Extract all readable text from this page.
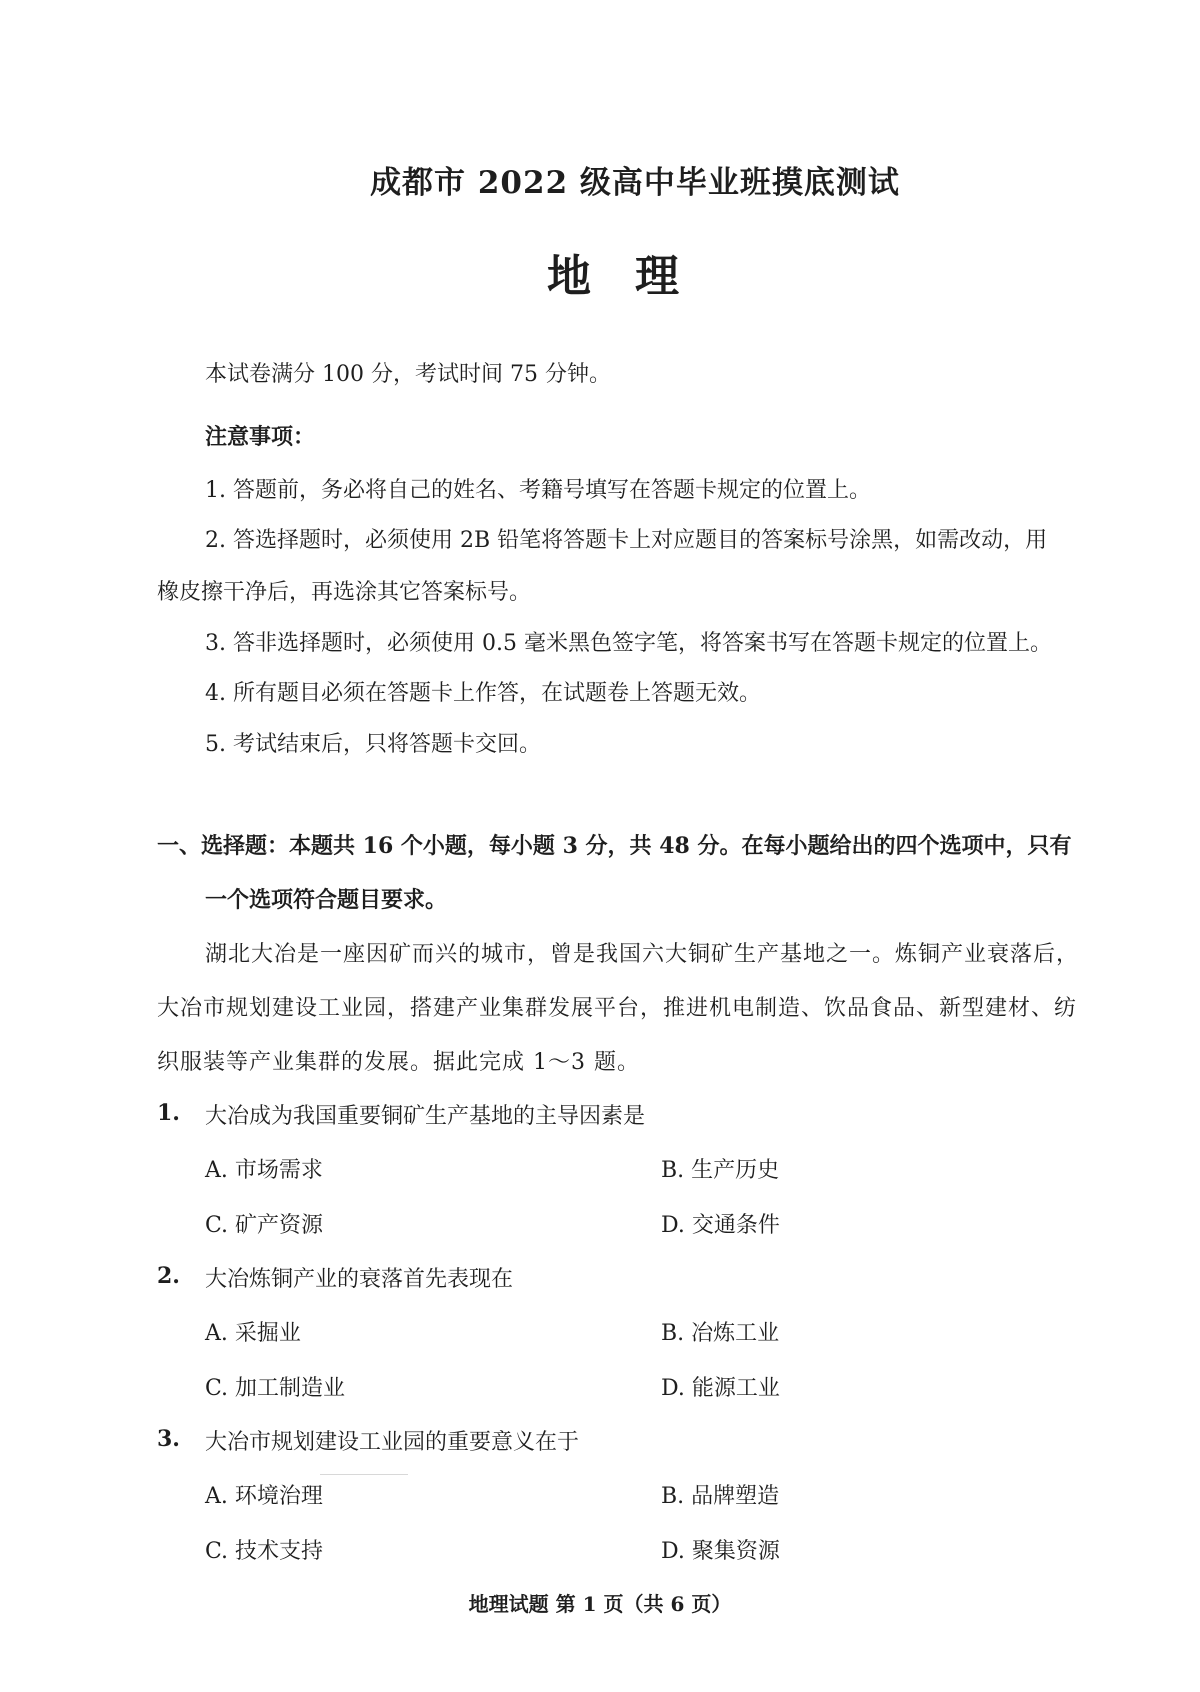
成都市 2022 级高中毕业班摸底测试
地理
本试卷满分 100 分，考试时间 75 分钟。
注意事项：
1. 答题前，务必将自己的姓名、考籍号填写在答题卡规定的位置上。
2. 答选择题时，必须使用 2B 铅笔将答题卡上对应题目的答案标号涂黑，如需改动，用
橡皮擦干净后，再选涂其它答案标号。
3. 答非选择题时，必须使用 0.5 毫米黑色签字笔，将答案书写在答题卡规定的位置上。
4. 所有题目必须在答题卡上作答，在试题卷上答题无效。
5. 考试结束后，只将答题卡交回。
一、选择题：本题共 16 个小题，每小题 3 分，共 48 分。在每小题给出的四个选项中，只有
一个选项符合题目要求。
湖北大冶是一座因矿而兴的城市，曾是我国六大铜矿生产基地之一。炼铜产业衰落后，
大冶市规划建设工业园，搭建产业集群发展平台，推进机电制造、饮品食品、新型建材、纺
织服装等产业集群的发展。据此完成 1～3 题。
1. 大冶成为我国重要铜矿生产基地的主导因素是
A. 市场需求	B. 生产历史
C. 矿产资源	D. 交通条件
2. 大冶炼铜产业的衰落首先表现在
A. 采掘业	B. 冶炼工业
C. 加工制造业	D. 能源工业
3. 大冶市规划建设工业园的重要意义在于
A. 环境治理	B. 品牌塑造
C. 技术支持	D. 聚集资源
地理试题 第 1 页（共 6 页）
